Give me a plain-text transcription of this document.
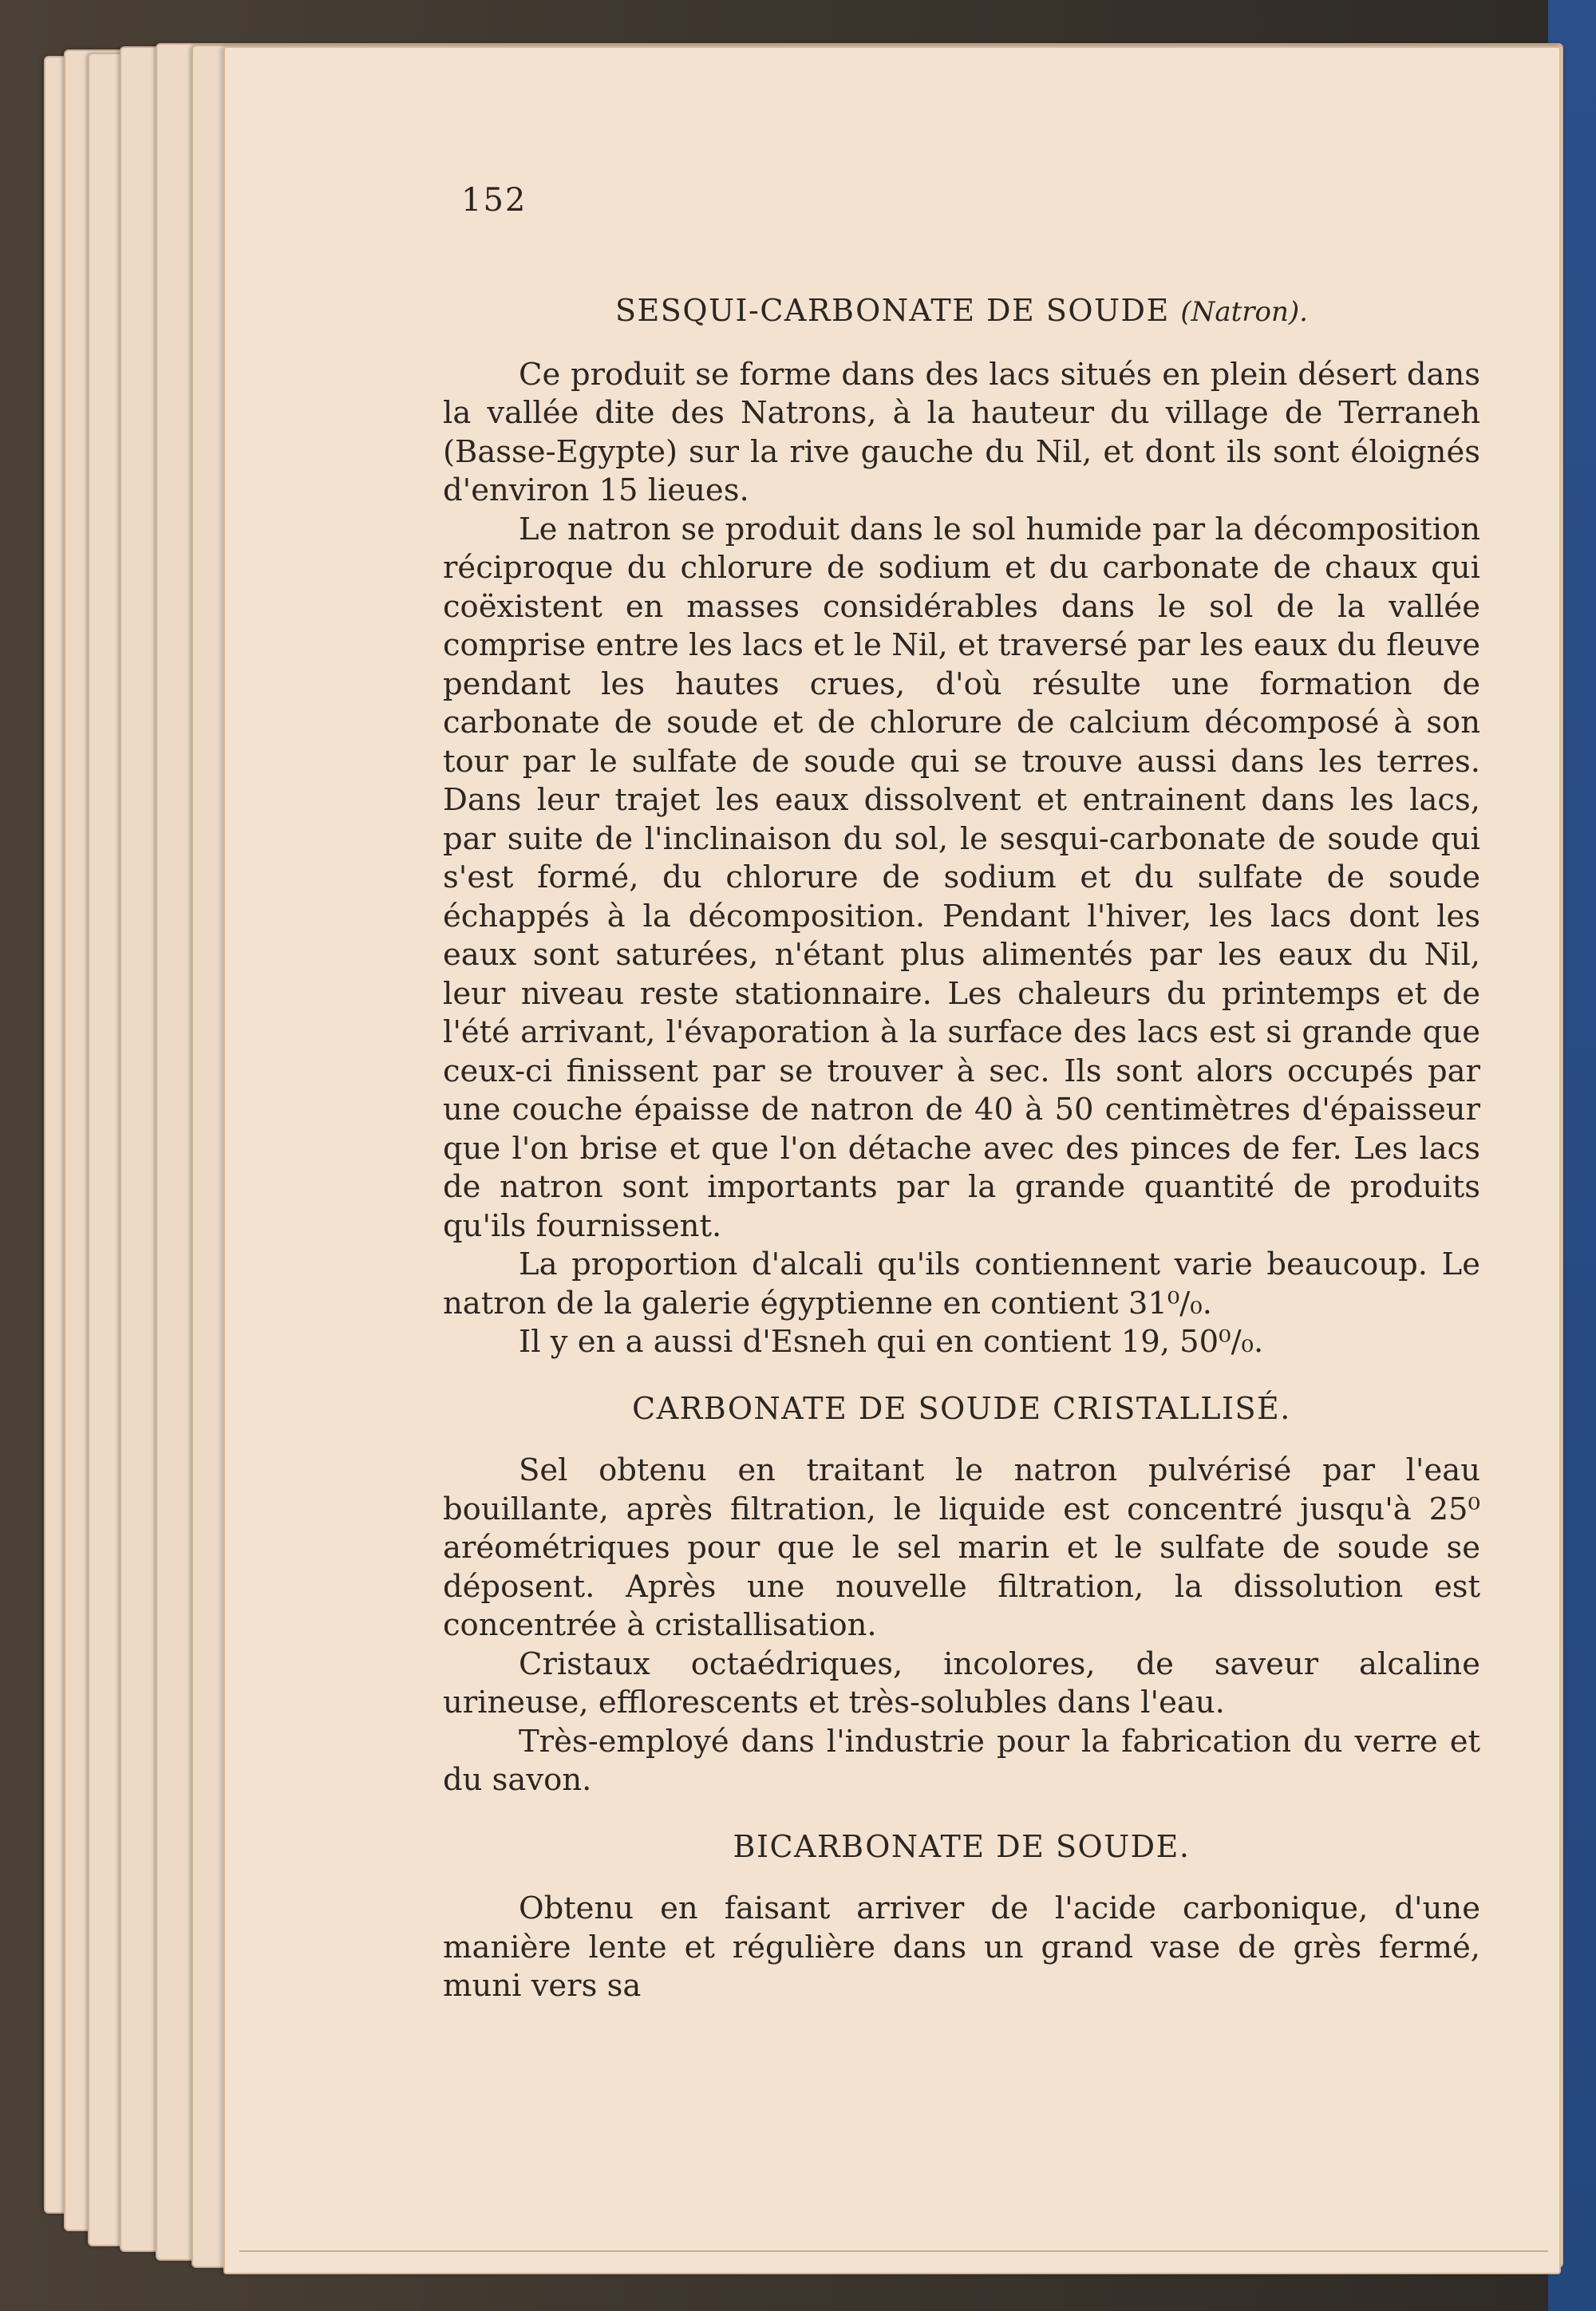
152
SESQUI-CARBONATE DE SOUDE (Natron).

Ce produit se forme dans des lacs situés en plein désert dans la vallée dite des Natrons, à la hauteur du village de Terraneh (Basse-Egypte) sur la rive gauche du Nil, et dont ils sont éloignés d'environ 15 lieues.

Le natron se produit dans le sol humide par la décomposition réciproque du chlorure de sodium et du carbonate de chaux qui coëxistent en masses considérables dans le sol de la vallée comprise entre les lacs et le Nil, et traversé par les eaux du fleuve pendant les hautes crues, d'où résulte une formation de carbonate de soude et de chlorure de calcium décomposé à son tour par le sulfate de soude qui se trouve aussi dans les terres. Dans leur trajet les eaux dissolvent et entrainent dans les lacs, par suite de l'inclinaison du sol, le sesqui-carbonate de soude qui s'est formé, du chlorure de sodium et du sulfate de soude échappés à la décomposition. Pendant l'hiver, les lacs dont les eaux sont saturées, n'étant plus alimentés par les eaux du Nil, leur niveau reste stationnaire. Les chaleurs du printemps et de l'été arrivant, l'évaporation à la surface des lacs est si grande que ceux-ci finissent par se trouver à sec. Ils sont alors occupés par une couche épaisse de natron de 40 à 50 centimètres d'épaisseur que l'on brise et que l'on détache avec des pinces de fer. Les lacs de natron sont importants par la grande quantité de produits qu'ils fournissent.

La proportion d'alcali qu'ils contiennent varie beaucoup. Le natron de la galerie égyptienne en contient 31⁰/₀.

Il y en a aussi d'Esneh qui en contient 19, 50⁰/₀.

CARBONATE DE SOUDE CRISTALLISÉ.

Sel obtenu en traitant le natron pulvérisé par l'eau bouillante, après filtration, le liquide est concentré jusqu'à 25⁰ aréométriques pour que le sel marin et le sulfate de soude se déposent. Après une nouvelle filtration, la dissolution est concentrée à cristallisation.

Cristaux octaédriques, incolores, de saveur alcaline urineuse, efflorescents et très-solubles dans l'eau.

Très-employé dans l'industrie pour la fabrication du verre et du savon.

BICARBONATE DE SOUDE.

Obtenu en faisant arriver de l'acide carbonique, d'une manière lente et régulière dans un grand vase de grès fermé, muni vers sa
